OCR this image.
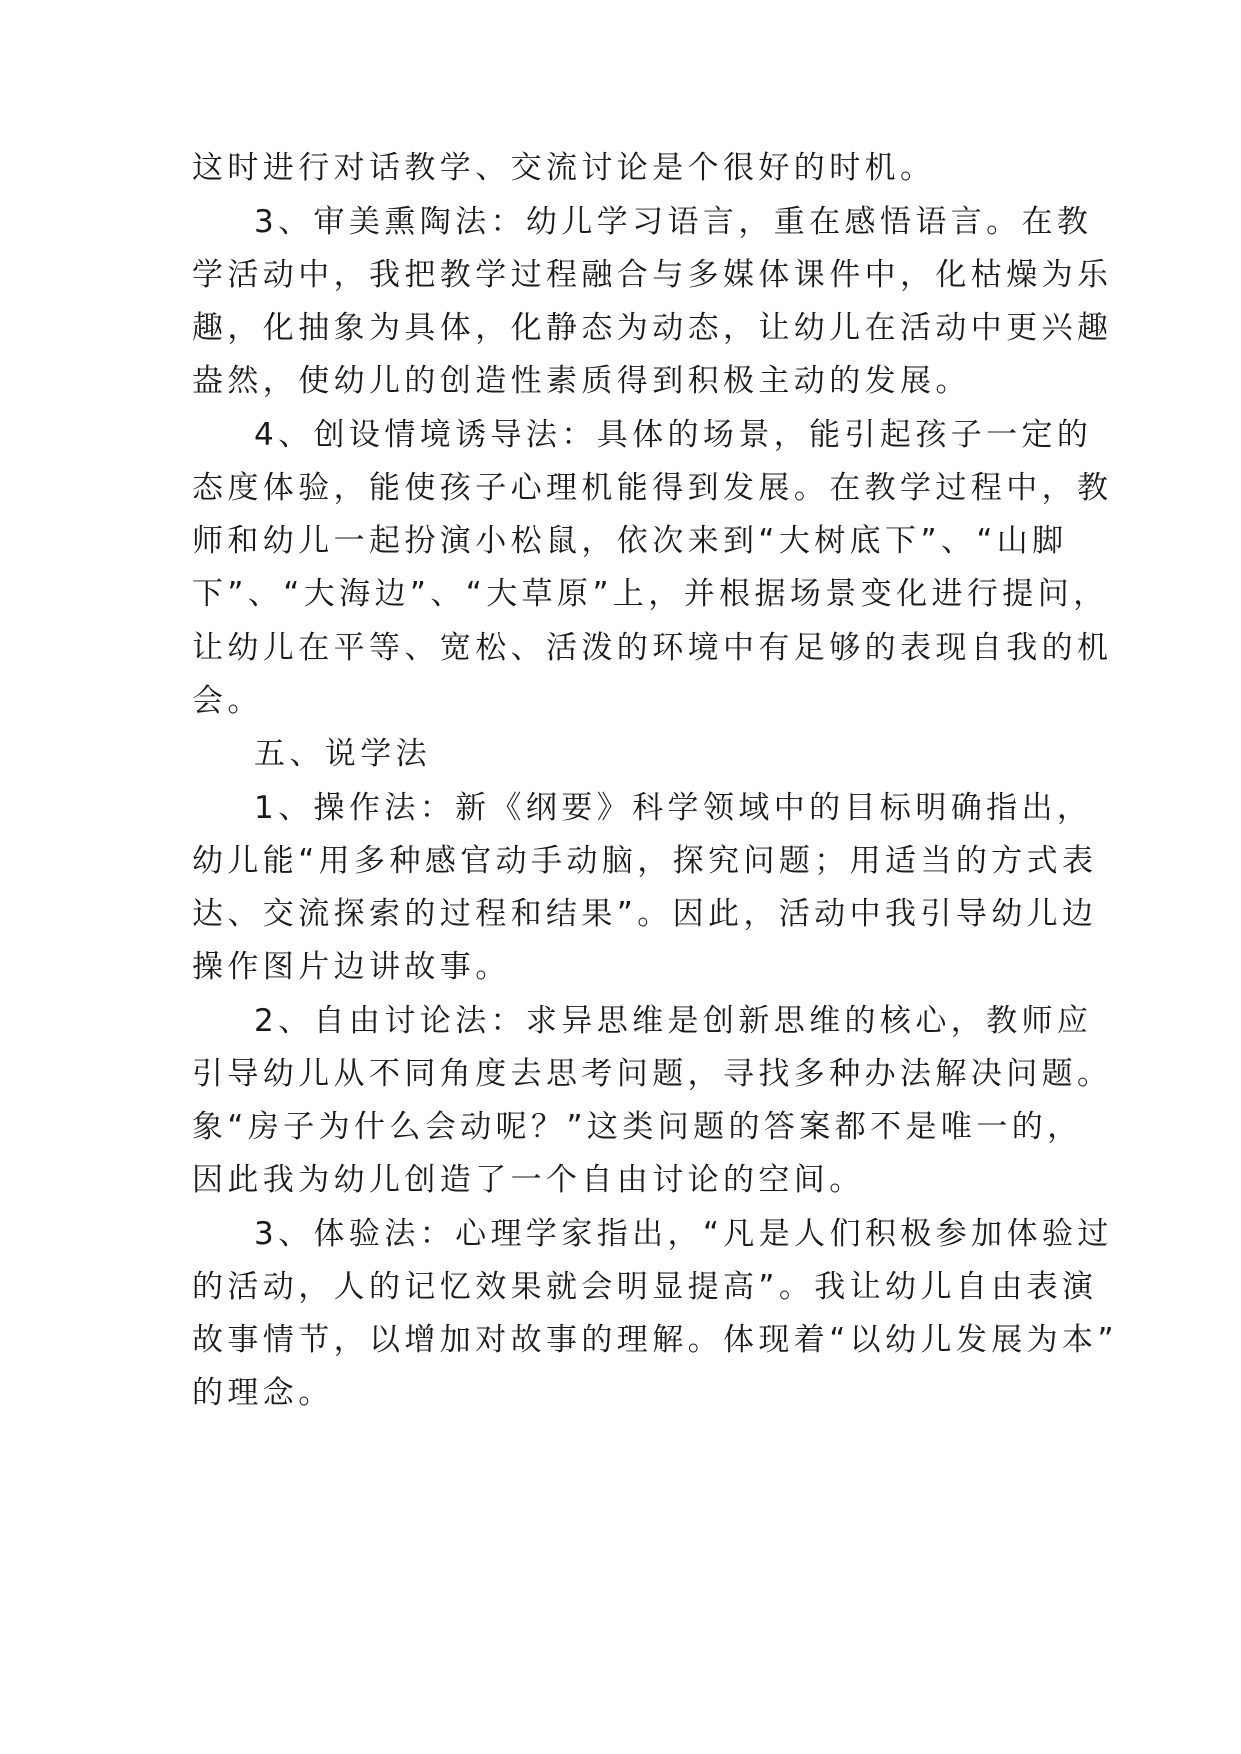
这时进行对话教学、交流讨论是个很好的时机。
3、审美熏陶法：幼儿学习语言，重在感悟语言。在教
学活动中，我把教学过程融合与多媒体课件中，化枯燥为乐
趣，化抽象为具体，化静态为动态，让幼儿在活动中更兴趣
盎然，使幼儿的创造性素质得到积极主动的发展。
4、创设情境诱导法：具体的场景，能引起孩子一定的
态度体验，能使孩子心理机能得到发展。在教学过程中，教
师和幼儿一起扮演小松鼠，依次来到“大树底下”、“山脚
下”、“大海边”、“大草原”上，并根据场景变化进行提问，
让幼儿在平等、宽松、活泼的环境中有足够的表现自我的机
会。
五、说学法
1、操作法：新《纲要》科学领域中的目标明确指出，
幼儿能“用多种感官动手动脑，探究问题；用适当的方式表
达、交流探索的过程和结果”。因此，活动中我引导幼儿边
操作图片边讲故事。
2、自由讨论法：求异思维是创新思维的核心，教师应
引导幼儿从不同角度去思考问题，寻找多种办法解决问题。
象“房子为什么会动呢？”这类问题的答案都不是唯一的，
因此我为幼儿创造了一个自由讨论的空间。
3、体验法：心理学家指出，“凡是人们积极参加体验过
的活动，人的记忆效果就会明显提高”。我让幼儿自由表演
故事情节，以增加对故事的理解。体现着“以幼儿发展为本”
的理念。
